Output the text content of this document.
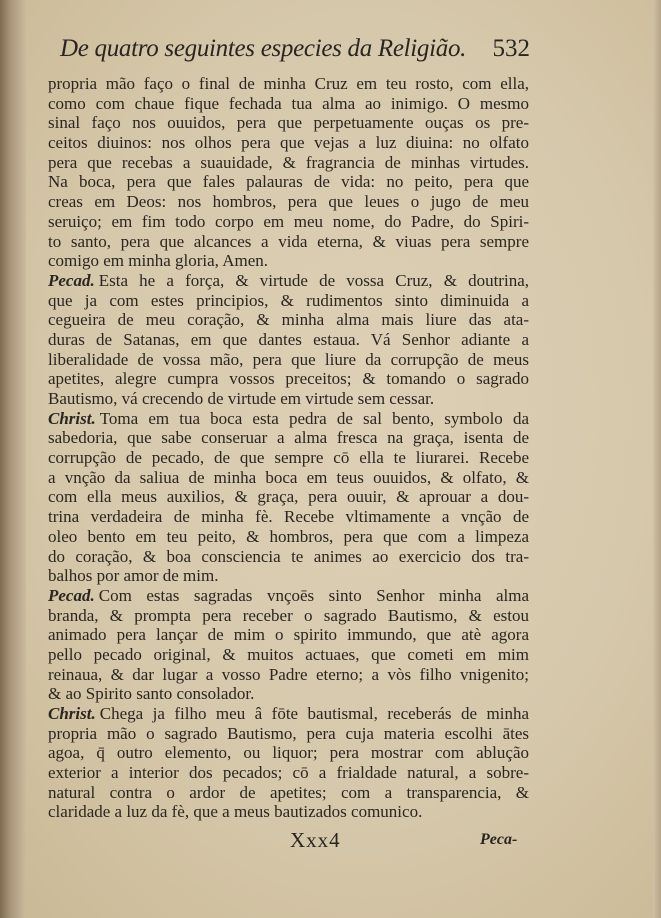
De quatro seguintes especies da Religião. 532
propria mão faço o final de minha Cruz em teu rosto, com ella,
como com chaue fique fechada tua alma ao inimigo. O mesmo
sinal faço nos ouuidos, pera que perpetuamente ouças os pre-
ceitos diuinos: nos olhos pera que vejas a luz diuina: no olfato
pera que recebas a suauidade, & fragrancia de minhas virtudes.
Na boca, pera que fales palauras de vida: no peito, pera que
creas em Deos: nos hombros, pera que leues o jugo de meu
seruiço; em fim todo corpo em meu nome, do Padre, do Spiri-
to santo, pera que alcances a vida eterna, & viuas pera sempre
comigo em minha gloria, Amen.
Pecad. Esta he a força, & virtude de vossa Cruz, & doutrina,
que ja com estes principios, & rudimentos sinto diminuida a
cegueira de meu coração, & minha alma mais liure das ata-
duras de Satanas, em que dantes estaua. Vá Senhor adiante a
liberalidade de vossa mão, pera que liure da corrupção de meus
apetites, alegre cumpra vossos preceitos; & tomando o sagrado
Bautismo, vá crecendo de virtude em virtude sem cessar.
Christ. Toma em tua boca esta pedra de sal bento, symbolo da
sabedoria, que sabe conseruar a alma fresca na graça, isenta de
corrupção de pecado, de que sempre cō ella te liurarei. Recebe
a vnção da saliua de minha boca em teus ouuidos, & olfato, &
com ella meus auxilios, & graça, pera ouuir, & aprouar a dou-
trina verdadeira de minha fè. Recebe vltimamente a vnção de
oleo bento em teu peito, & hombros, pera que com a limpeza
do coração, & boa consciencia te animes ao exercicio dos tra-
balhos por amor de mim.
Pecad. Com estas sagradas vnçoēs sinto Senhor minha alma
branda, & prompta pera receber o sagrado Bautismo, & estou
animado pera lançar de mim o spirito immundo, que atè agora
pello pecado original, & muitos actuaes, que cometi em mim
reinaua, & dar lugar a vosso Padre eterno; a vòs filho vnigenito;
& ao Spirito santo consolador.
Christ. Chega ja filho meu â fōte bautismal, receberás de minha
propria mão o sagrado Bautismo, pera cuja materia escolhi ātes
agoa, q̄ outro elemento, ou liquor; pera mostrar com ablução
exterior a interior dos pecados; cō a frialdade natural, a sobre-
natural contra o ardor de apetites; com a transparencia, &
claridade a luz da fè, que a meus bautizados comunico.
Xxx4	Peca-
